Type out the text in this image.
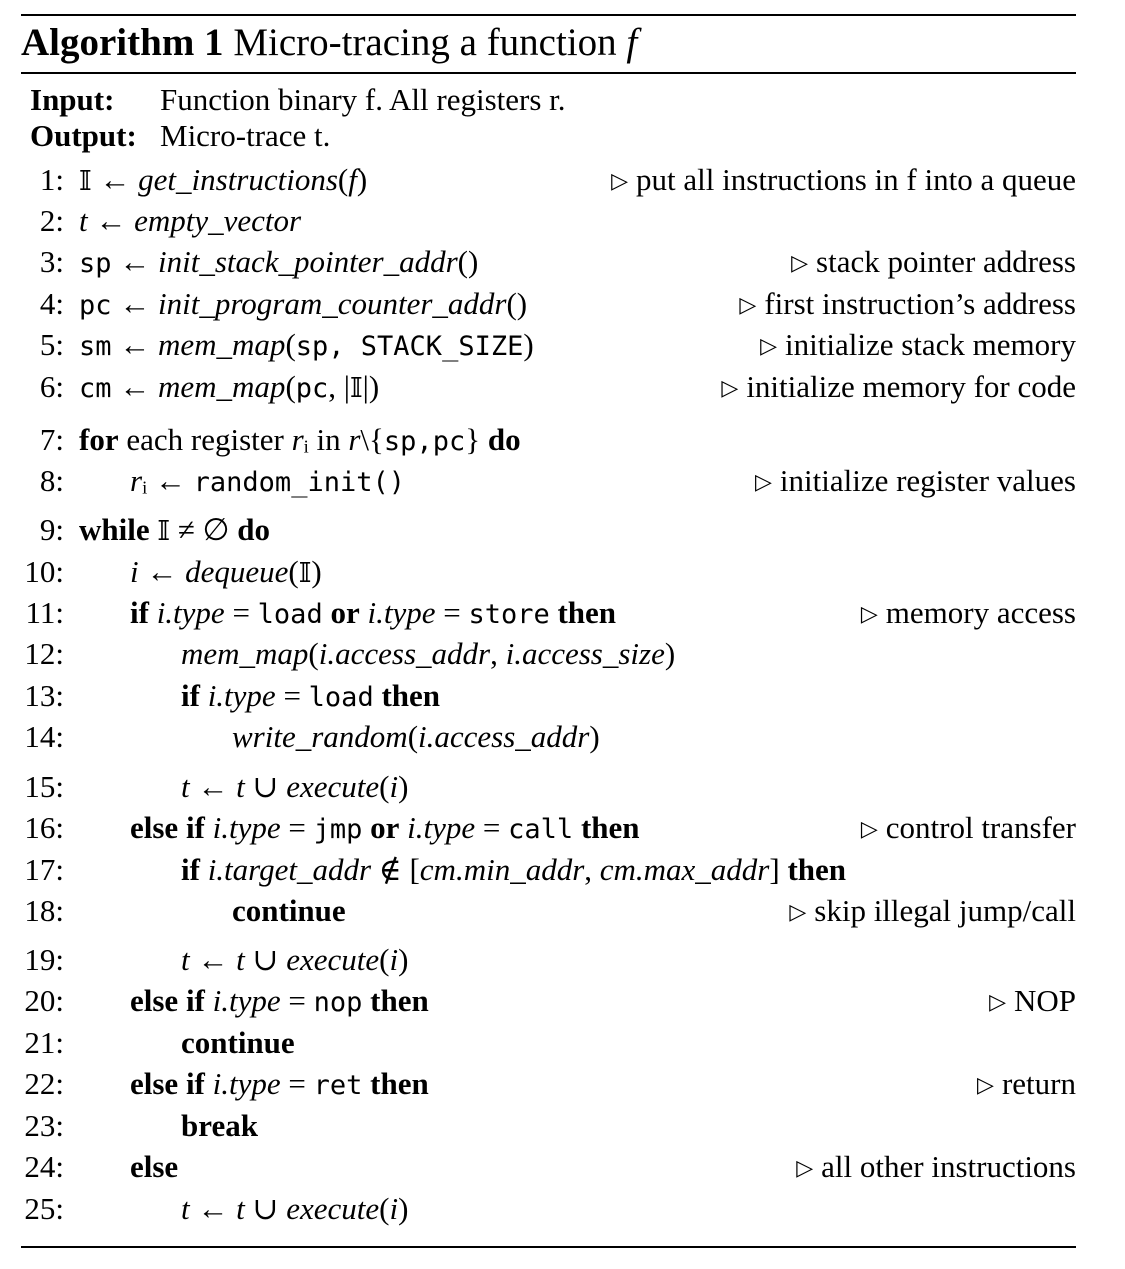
Algorithm 1 Micro-tracing a function f
Input: Function binary f. All registers r.
Output: Micro-trace t.
1: 𝕀 ← get_instructions(f)	▷ put all instructions in f into a queue
2: t ← empty_vector
3: sp ← init_stack_pointer_addr()	▷ stack pointer address
4: pc ← init_program_counter_addr()	▷ first instruction’s address
5: sm ← mem_map(sp, STACK_SIZE)	▷ initialize stack memory
6: cm ← mem_map(pc, |𝕀|)	▷ initialize memory for code
7: for each register rᵢ in r\{sp,pc} do
8: rᵢ ← random_init()	▷ initialize register values
9: while 𝕀 ≠ ∅ do
10: i ← dequeue(𝕀)
11: if i.type = load or i.type = store then	▷ memory access
12:	mem_map(i.access_addr, i.access_size)
13:	if i.type = load then
14:	write_random(i.access_addr)
15:	t ← t ∪ execute(i)
16: else if i.type = jmp or i.type = call then	▷ control transfer
17:	if i.target_addr ∉ [cm.min_addr, cm.max_addr] then
18:	continue	▷ skip illegal jump/call
19:	t ← t ∪ execute(i)
20: else if i.type = nop then	▷ NOP
21:	continue
22: else if i.type = ret then	▷ return
23:	break
24: else	▷ all other instructions
25:	t ← t ∪ execute(i)
